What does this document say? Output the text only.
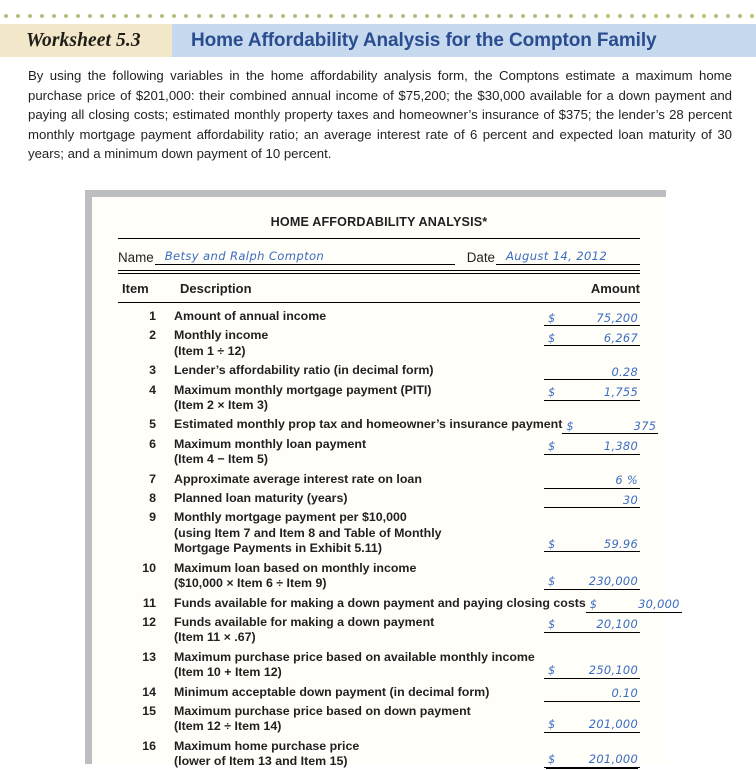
Worksheet 5.3	Home Affordability Analysis for the Compton Family
By using the following variables in the home affordability analysis form, the Comptons estimate a maximum home purchase price of $201,000: their combined annual income of $75,200; the $30,000 available for a down payment and paying all closing costs; estimated monthly property taxes and homeowner’s insurance of $375; the lender’s 28 percent monthly mortgage payment affordability ratio; an average interest rate of 6 percent and expected loan maturity of 30 years; and a minimum down payment of 10 percent.
HOME AFFORDABILITY ANALYSIS*
Name Betsy and Ralph Compton	Date August 14, 2012
Item	Description	Amount
1	Amount of annual income	$	75,200
2	Monthly income
(Item 1 ÷ 12)
$	6,267
3	Lender’s affordability ratio (in decimal form)	0.28
4	Maximum monthly mortgage payment (PITI)
(Item 2 × Item 3)
$	1,755
5	Estimated monthly prop tax and homeowner’s insurance payment $	375
6	Maximum monthly loan payment
(Item 4 − Item 5)
$	1,380
7	Approximate average interest rate on loan	6 %
8	Planned loan maturity (years)	30
9	Monthly mortgage payment per $10,000
(using Item 7 and Item 8 and Table of Monthly
Mortgage Payments in Exhibit 5.11)	$	59.96
10	Maximum loan based on monthly income
($10,000 × Item 6 ÷ Item 9)	$	230,000
11	Funds available for making a down payment and paying closing costs $	30,000
12	Funds available for making a down payment
(Item 11 × .67)
$	20,100
13	Maximum purchase price based on available monthly income
(Item 10 + Item 12)	$	250,100
14	Minimum acceptable down payment (in decimal form)	0.10
15	Maximum purchase price based on down payment
(Item 12 ÷ Item 14)	$	201,000
16	Maximum home purchase price
(lower of Item 13 and Item 15)	$	201,000
